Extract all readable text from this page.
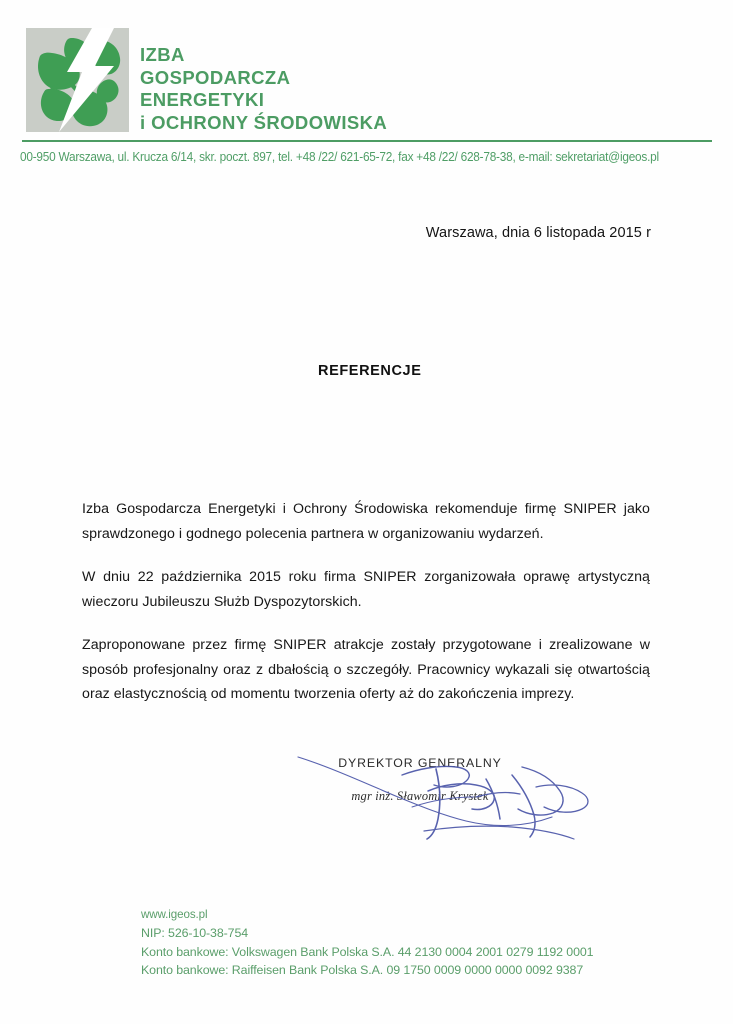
IZBA
GOSPODARCZA
ENERGETYKI
i OCHRONY ŚRODOWISKA
00-950 Warszawa, ul. Krucza 6/14, skr. poczt. 897, tel. +48 /22/ 621-65-72, fax +48 /22/ 628-78-38, e-mail: sekretariat@igeos.pl
Warszawa, dnia 6 listopada 2015 r
REFERENCJE

Izba Gospodarcza Energetyki i Ochrony Środowiska rekomenduje firmę SNIPER jako sprawdzonego i godnego polecenia partnera w organizowaniu wydarzeń.

W dniu 22 października 2015 roku firma SNIPER zorganizowała oprawę artystyczną wieczoru Jubileuszu Służb Dyspozytorskich.

Zaproponowane przez firmę SNIPER atrakcje zostały przygotowane i zrealizowane w sposób profesjonalny oraz z dbałością o szczegóły. Pracownicy wykazali się otwartością oraz elastycznością od momentu tworzenia oferty aż do zakończenia imprezy.

DYREKTOR GENERALNY
mgr inż. Sławomir Krystek
www.igeos.pl
NIP: 526-10-38-754
Konto bankowe: Volkswagen Bank Polska S.A. 44 2130 0004 2001 0279 1192 0001
Konto bankowe: Raiffeisen Bank Polska S.A. 09 1750 0009 0000 0000 0092 9387
